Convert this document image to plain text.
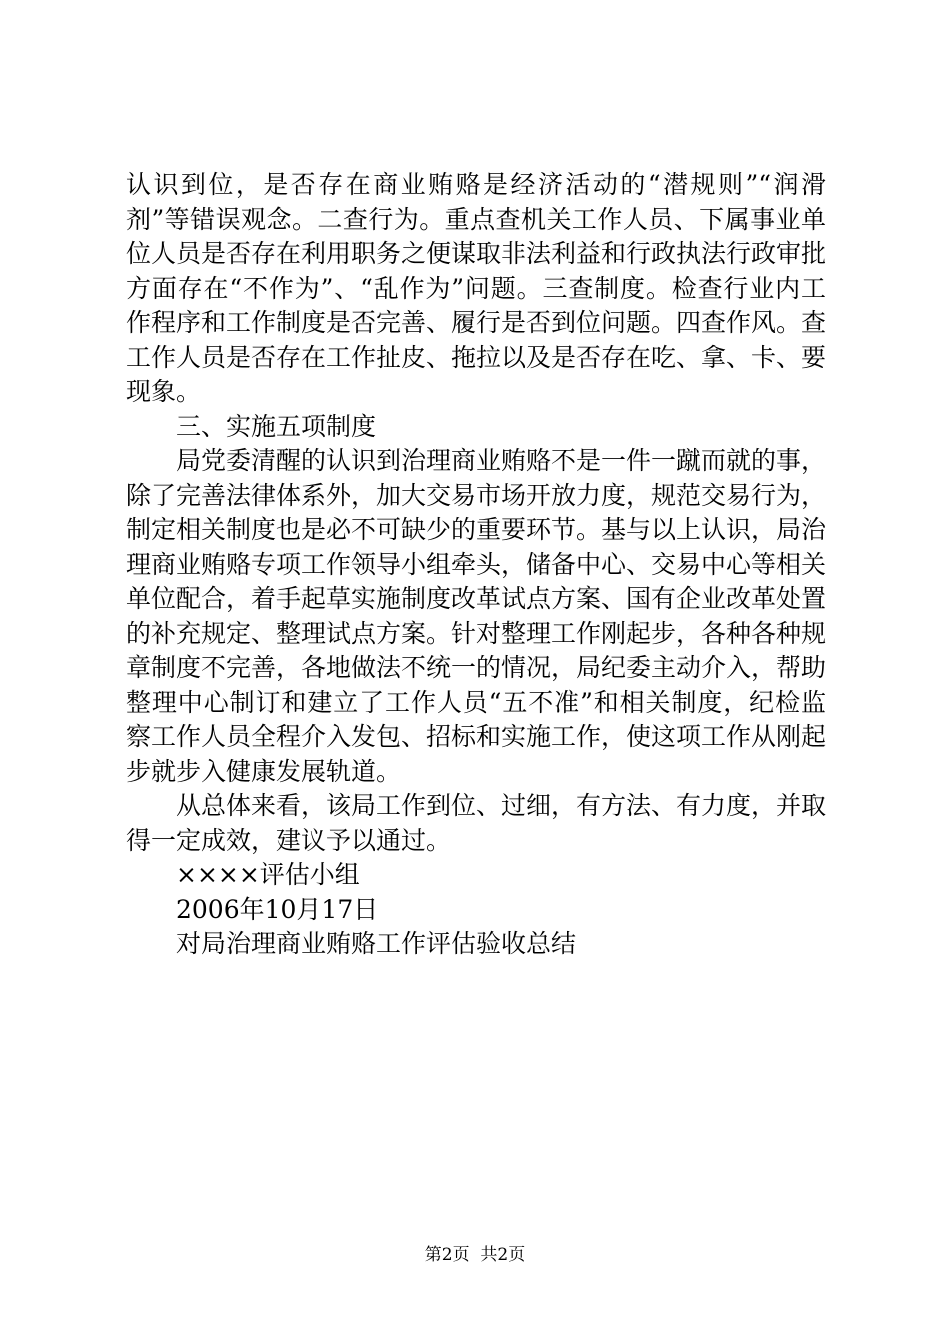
认识到位，是否存在商业贿赂是经济活动的“潜规则”“润滑剂”等错误观念。二查行为。重点查机关工作人员、下属事业单位人员是否存在利用职务之便谋取非法利益和行政执法行政审批方面存在“不作为”、“乱作为”问题。三查制度。检查行业内工作程序和工作制度是否完善、履行是否到位问题。四查作风。查工作人员是否存在工作扯皮、拖拉以及是否存在吃、拿、卡、要现象。

三、实施五项制度

局党委清醒的认识到治理商业贿赂不是一件一蹴而就的事，除了完善法律体系外，加大交易市场开放力度，规范交易行为，制定相关制度也是必不可缺少的重要环节。基与以上认识，局治理商业贿赂专项工作领导小组牵头，储备中心、交易中心等相关单位配合，着手起草实施制度改革试点方案、国有企业改革处置的补充规定、整理试点方案。针对整理工作刚起步，各种各种规章制度不完善，各地做法不统一的情况，局纪委主动介入，帮助整理中心制订和建立了工作人员“五不准”和相关制度，纪检监察工作人员全程介入发包、招标和实施工作，使这项工作从刚起步就步入健康发展轨道。

从总体来看，该局工作到位、过细，有方法、有力度，并取得一定成效，建议予以通过。

××××评估小组

2006年10月17日

对局治理商业贿赂工作评估验收总结

第2页  共2页
